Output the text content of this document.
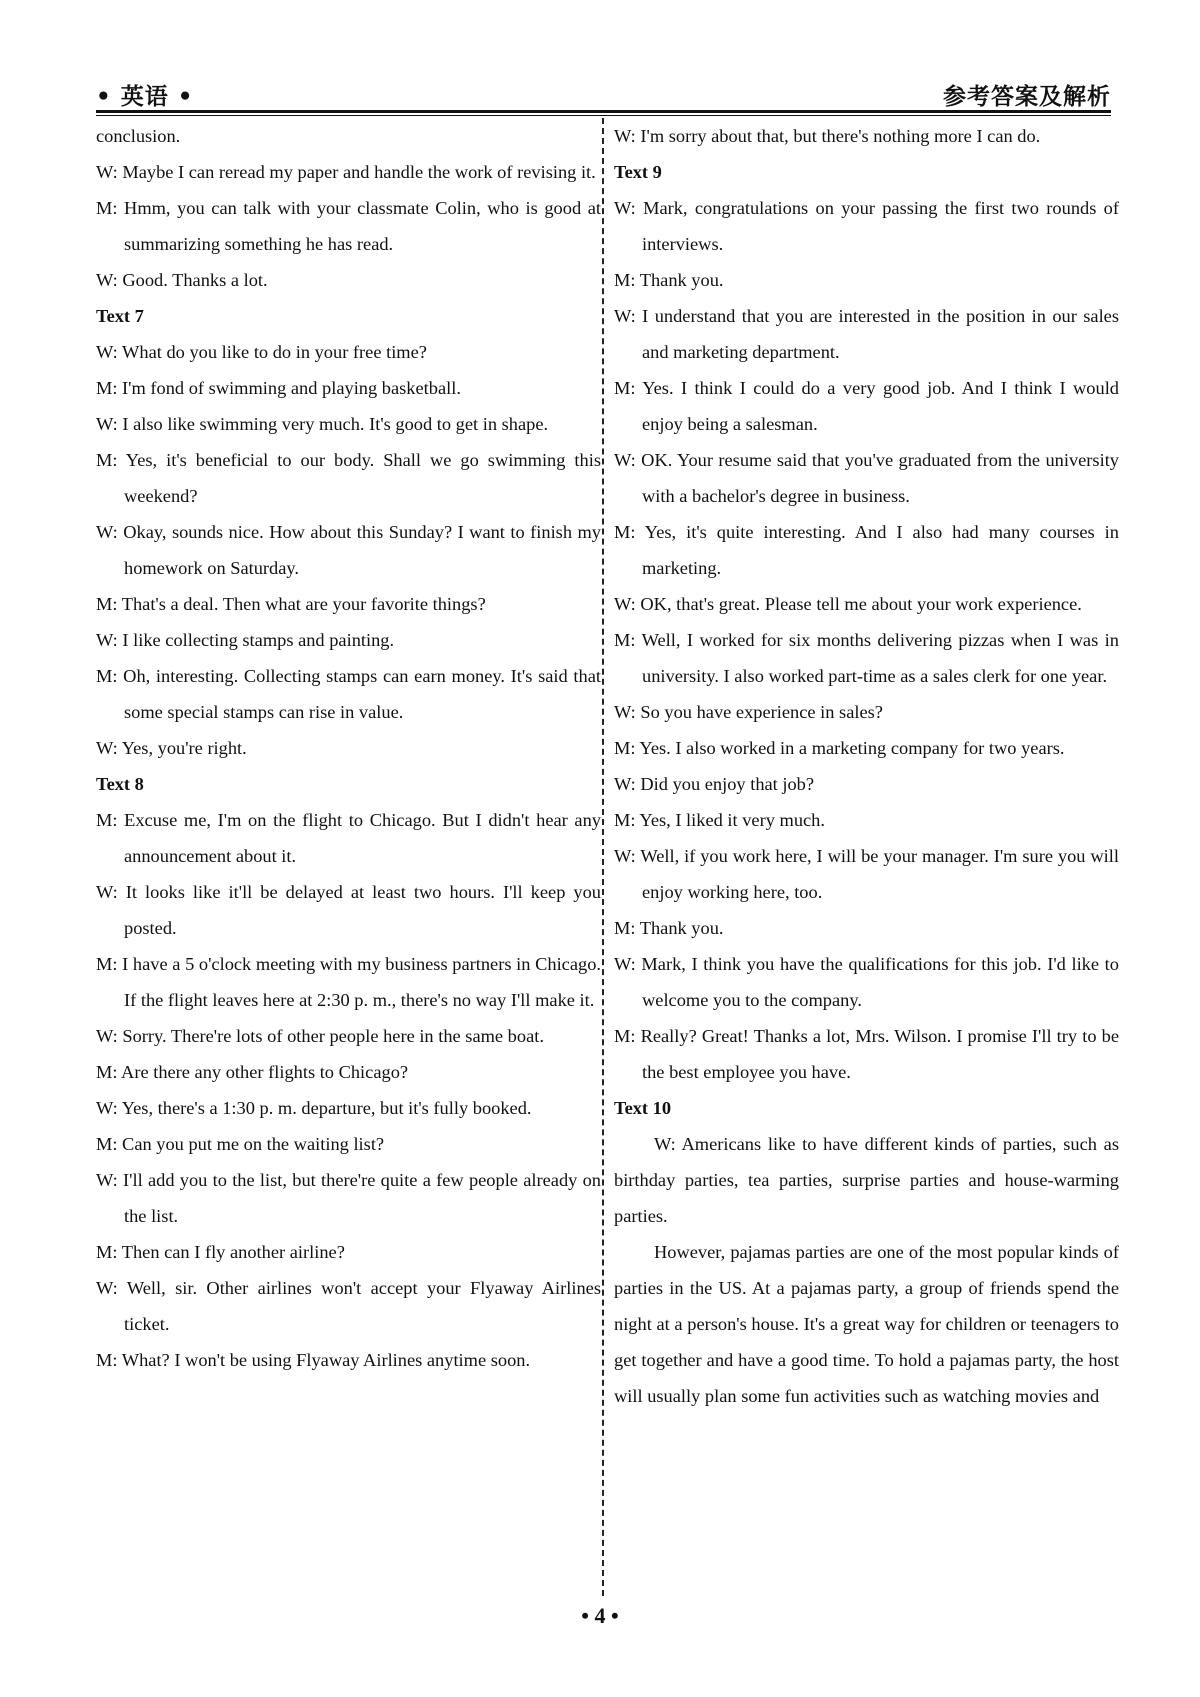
• 英语 •	参考答案及解析

conclusion.

W: Maybe I can reread my paper and handle the work of revising it.

M: Hmm, you can talk with your classmate Colin, who is good at summarizing something he has read.

W: Good. Thanks a lot.

Text 7

W: What do you like to do in your free time?

M: I'm fond of swimming and playing basketball.

W: I also like swimming very much. It's good to get in shape.

M: Yes, it's beneficial to our body. Shall we go swimming this weekend?

W: Okay, sounds nice. How about this Sunday? I want to finish my homework on Saturday.

M: That's a deal. Then what are your favorite things?

W: I like collecting stamps and painting.

M: Oh, interesting. Collecting stamps can earn money. It's said that some special stamps can rise in value.

W: Yes, you're right.

Text 8

M: Excuse me, I'm on the flight to Chicago. But I didn't hear any announcement about it.

W: It looks like it'll be delayed at least two hours. I'll keep you posted.

M: I have a 5 o'clock meeting with my business partners in Chicago. If the flight leaves here at 2:30 p. m., there's no way I'll make it.

W: Sorry. There're lots of other people here in the same boat.

M: Are there any other flights to Chicago?

W: Yes, there's a 1:30 p. m. departure, but it's fully booked.

M: Can you put me on the waiting list?

W: I'll add you to the list, but there're quite a few people already on the list.

M: Then can I fly another airline?

W: Well, sir. Other airlines won't accept your Flyaway Airlines ticket.

M: What? I won't be using Flyaway Airlines anytime soon.

W: I'm sorry about that, but there's nothing more I can do.

Text 9

W: Mark, congratulations on your passing the first two rounds of interviews.

M: Thank you.

W: I understand that you are interested in the position in our sales and marketing department.

M: Yes. I think I could do a very good job. And I think I would enjoy being a salesman.

W: OK. Your resume said that you've graduated from the university with a bachelor's degree in business.

M: Yes, it's quite interesting. And I also had many courses in marketing.

W: OK, that's great. Please tell me about your work experience.

M: Well, I worked for six months delivering pizzas when I was in university. I also worked part-time as a sales clerk for one year.

W: So you have experience in sales?

M: Yes. I also worked in a marketing company for two years.

W: Did you enjoy that job?

M: Yes, I liked it very much.

W: Well, if you work here, I will be your manager. I'm sure you will enjoy working here, too.

M: Thank you.

W: Mark, I think you have the qualifications for this job. I'd like to welcome you to the company.

M: Really? Great! Thanks a lot, Mrs. Wilson. I promise I'll try to be the best employee you have.

Text 10

W: Americans like to have different kinds of parties, such as birthday parties, tea parties, surprise parties and house-warming parties.

However, pajamas parties are one of the most popular kinds of parties in the US. At a pajamas party, a group of friends spend the night at a person's house. It's a great way for children or teenagers to get together and have a good time. To hold a pajamas party, the host will usually plan some fun activities such as watching movies and

• 4 •
